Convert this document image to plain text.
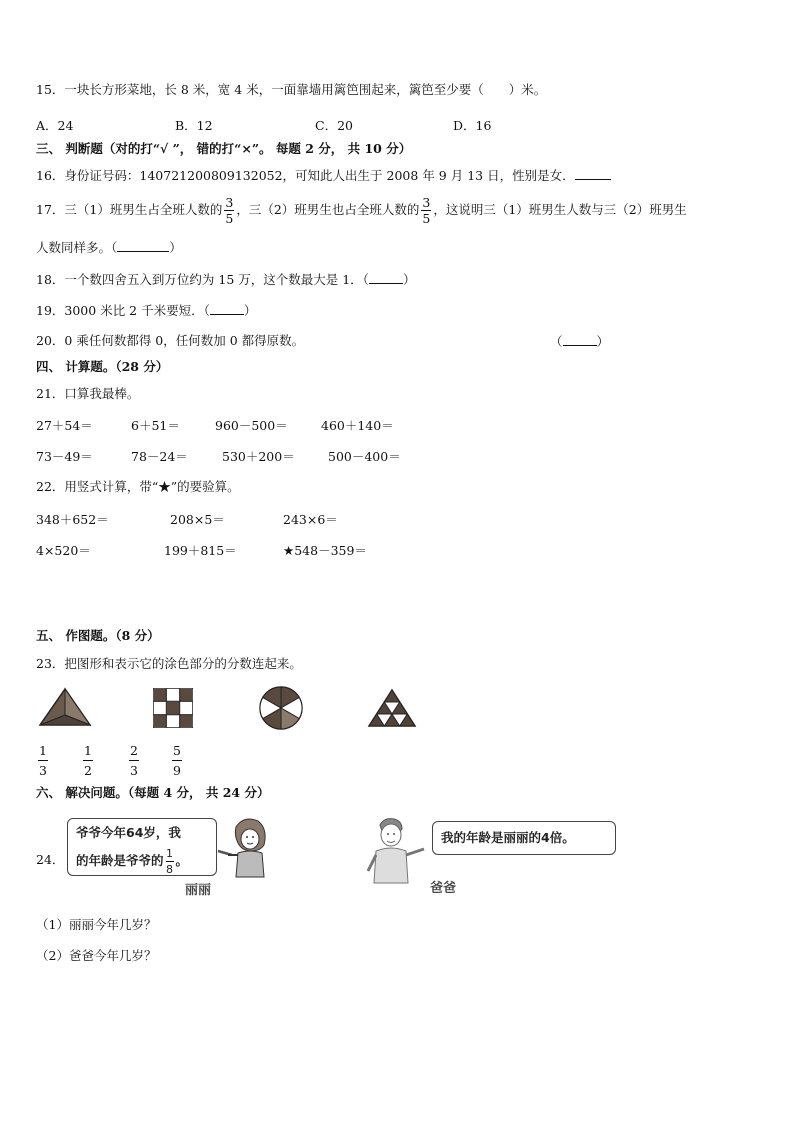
15．一块长方形菜地，长 8 米，宽 4 米，一面靠墙用篱笆围起来，篱笆至少要（　　）米。
A．24	B．12	C．20	D．16
三、 判断题（对的打“√ ”， 错的打“×”。 每题 2 分， 共 10 分）
16．身份证号码：140721200809132052，可知此人出生于 2008 年 9 月 13 日，性别是女．
17．三（1）班男生占全班人数的 $\frac{3}{5}$ ，三（2）班男生也占全班人数的 $\frac{3}{5}$ ，这说明三（1）班男生人数与三（2）班男生
人数同样多。（	）
18．一个数四舍五入到万位约为 15 万，这个数最大是 1．（	）
19．3000 米比 2 千米要短．（	）
20．0 乘任何数都得 0，任何数加 0 都得原数。	（	）
四、 计算题。（28 分）
21．口算我最棒。
27＋54＝	6＋51＝	960－500＝	460＋140＝
73－49＝	78－24＝	530＋200＝	500－400＝
22．用竖式计算，带“★”的要验算。
348＋652＝	208×5＝	243×6＝
4×520＝	199＋815＝	★548－359＝
五、 作图题。（8 分）
23．把图形和表示它的涂色部分的分数连起来。
1
3
1
2
2
3
5
9
六、 解决问题。（每题 4 分， 共 24 分）
24．
爷爷今年64岁，我
的年龄是爷爷的 $\frac{1}{8}$ 。
丽丽
我的年龄是丽丽的4倍。
爸爸
（1）丽丽今年几岁？
（2）爸爸今年几岁？
